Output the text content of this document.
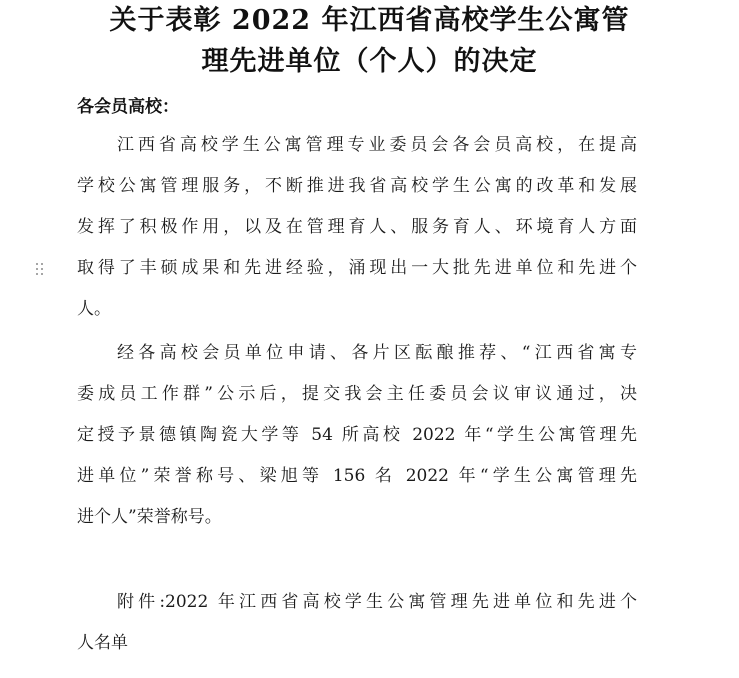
关于表彰 2022 年江西省高校学生公寓管
理先进单位（个人）的决定
各会员高校：
江西省高校学生公寓管理专业委员会各会员高校，在提高
学校公寓管理服务，不断推进我省高校学生公寓的改革和发展
发挥了积极作用，以及在管理育人、服务育人、环境育人方面
取得了丰硕成果和先进经验，涌现出一大批先进单位和先进个
人。
经各高校会员单位申请、各片区酝酿推荐、“江西省寓专
委成员工作群”公示后，提交我会主任委员会议审议通过，决
定授予景德镇陶瓷大学等 54 所高校 2022 年“学生公寓管理先
进单位”荣誉称号、梁旭等 156 名 2022 年“学生公寓管理先
进个人”荣誉称号。
附件:2022 年江西省高校学生公寓管理先进单位和先进个
人名单
